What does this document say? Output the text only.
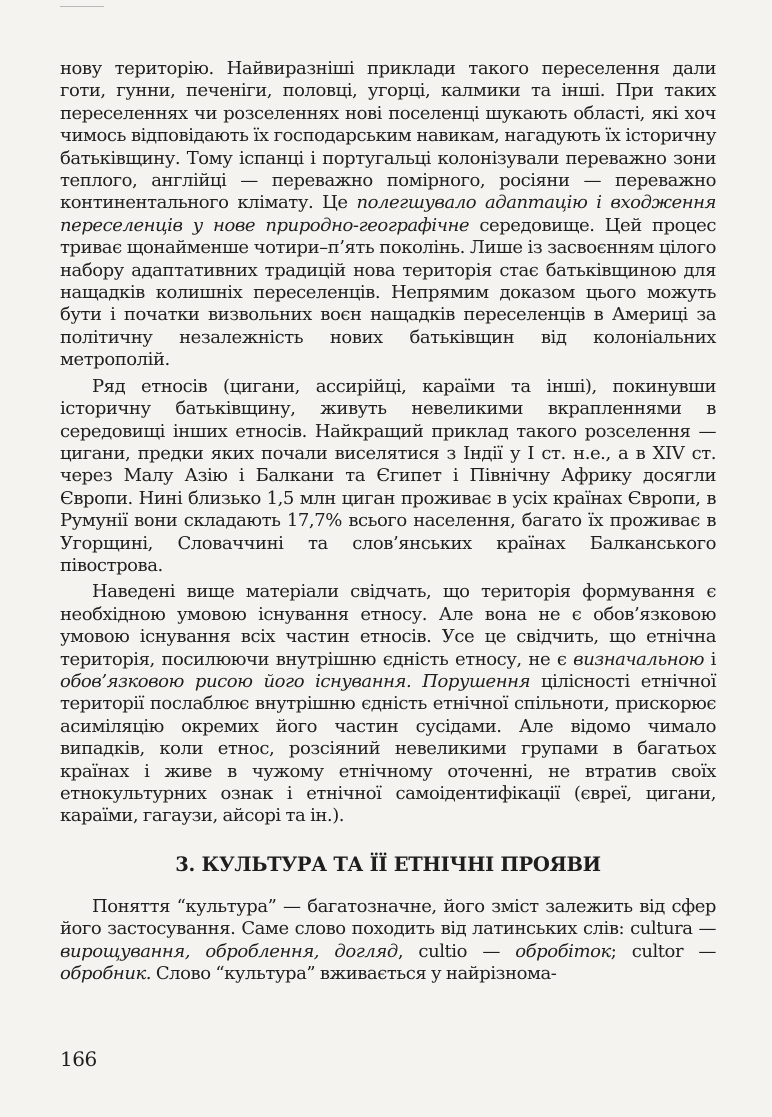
нову територію. Найвиразніші приклади такого переселення дали готи, гунни, печеніги, половці, угорці, калмики та інші. При таких переселеннях чи розселеннях нові поселенці шукають області, які хоч чимось відповідають їх господарським навикам, нагадують їх історичну батьківщину. Тому іспанці і португальці колонізували переважно зони теплого, англійці — переважно помірного, росіяни — переважно континентального клімату. Це полегшувало адаптацію і входження переселенців у нове природно-географічне середовище. Цей процес триває щонайменше чотири–п’ять поколінь. Лише із засвоєнням цілого набору адаптативних традицій нова територія стає батьківщиною для нащадків колишніх переселенців. Непрямим доказом цього можуть бути і початки визвольних воєн нащадків переселенців в Америці за політичну незалежність нових батьківщин від колоніальних метрополій.

Ряд етносів (цигани, ассирійці, караїми та інші), покинувши історичну батьківщину, живуть невеликими вкрапленнями в середовищі інших етносів. Найкращий приклад такого розселення — цигани, предки яких почали виселятися з Індії у І ст. н.е., а в XIV ст. через Малу Азію і Балкани та Єгипет і Північну Африку досягли Європи. Нині близько 1,5 млн циган проживає в усіх країнах Європи, в Румунії вони складають 17,7% всього населення, багато їх проживає в Угорщині, Словаччині та слов’янських країнах Балканського півострова.

Наведені вище матеріали свідчать, що територія формування є необхідною умовою існування етносу. Але вона не є обов’язковою умовою існування всіх частин етносів. Усе це свідчить, що етнічна територія, посилюючи внутрішню єдність етносу, не є визначальною і обов’язковою рисою його існування. Порушення цілісності етнічної території послаблює внутрішню єдність етнічної спільноти, прискорює асиміляцію окремих його частин сусідами. Але відомо чимало випадків, коли етнос, розсіяний невеликими групами в багатьох країнах і живе в чужому етнічному оточенні, не втратив своїх етнокультурних ознак і етнічної самоідентифікації (євреї, цигани, караїми, гагаузи, айсорі та ін.).

3. КУЛЬТУРА ТА ЇЇ ЕТНІЧНІ ПРОЯВИ

Поняття “культура” — багатозначне, його зміст залежить від сфер його застосування. Саме слово походить від латинських слів: cultura — вирощування, оброблення, догляд, cultio — обробіток; cultor — обробник. Слово “культура” вживається у найрізнома-

166
